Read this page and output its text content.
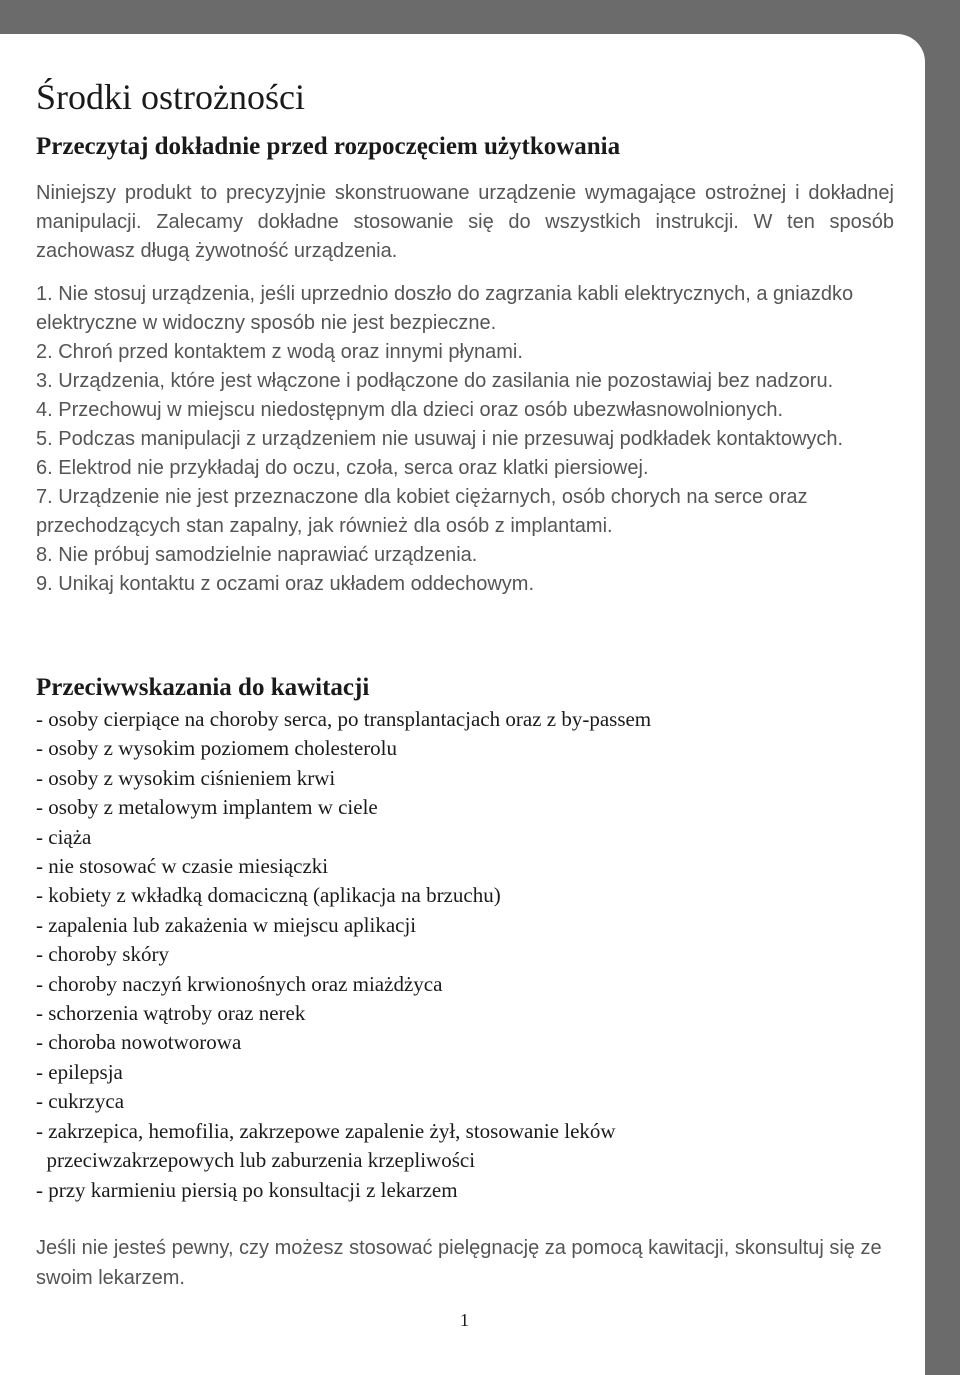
Środki ostrożności
Przeczytaj dokładnie przed rozpoczęciem użytkowania

Niniejszy produkt to precyzyjnie skonstruowane urządzenie wymagające ostrożnej i dokładnej manipulacji. Zalecamy dokładne stosowanie się do wszystkich instrukcji. W ten sposób zachowasz długą żywotność urządzenia.

1. Nie stosuj urządzenia, jeśli uprzednio doszło do zagrzania kabli elektrycznych, a gniazdko elektryczne w widoczny sposób nie jest bezpieczne.
2. Chroń przed kontaktem z wodą oraz innymi płynami.
3. Urządzenia, które jest włączone i podłączone do zasilania nie pozostawiaj bez nadzoru.
4. Przechowuj w miejscu niedostępnym dla dzieci oraz osób ubezwłasnowolnionych.
5. Podczas manipulacji z urządzeniem nie usuwaj i nie przesuwaj podkładek kontaktowych.
6. Elektrod nie przykładaj do oczu, czoła, serca oraz klatki piersiowej.
7. Urządzenie nie jest przeznaczone dla kobiet ciężarnych, osób chorych na serce oraz przechodzących stan zapalny, jak również dla osób z implantami.
8. Nie próbuj samodzielnie naprawiać urządzenia.
9. Unikaj kontaktu z oczami oraz układem oddechowym.
Przeciwwskazania do kawitacji
- osoby cierpiące na choroby serca, po transplantacjach oraz z by-passem
- osoby z wysokim poziomem cholesterolu
- osoby z wysokim ciśnieniem krwi
- osoby z metalowym implantem w ciele
- ciąża
- nie stosować w czasie miesiączki
- kobiety z wkładką domaciczną (aplikacja na brzuchu)
- zapalenia lub zakażenia w miejscu aplikacji
- choroby skóry
- choroby naczyń krwionośnych oraz miażdżyca
- schorzenia wątroby oraz nerek
- choroba nowotworowa
- epilepsja
- cukrzyca
- zakrzepica, hemofilia, zakrzepowe zapalenie żył, stosowanie leków
przeciwzakrzepowych lub zaburzenia krzepliwości
- przy karmieniu piersią po konsultacji z lekarzem

Jeśli nie jesteś pewny, czy możesz stosować pielęgnację za pomocą kawitacji, skonsultuj się ze swoim lekarzem.

1
